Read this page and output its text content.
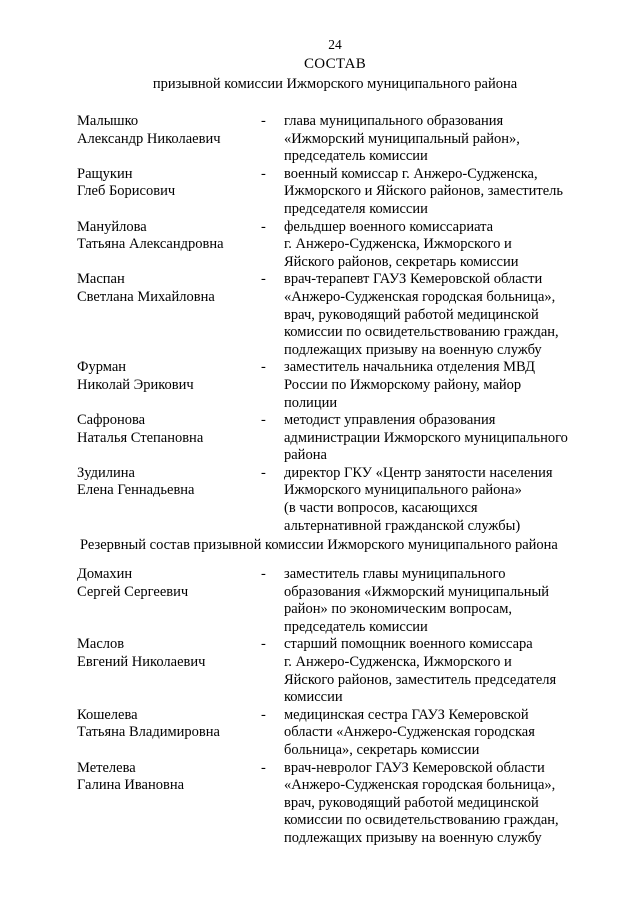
24
СОСТАВ
призывной комиссии Ижморского муниципального района
Малышко
Александр Николаевич
- глава муниципального образования
«Ижморский муниципальный район»,
председатель комиссии
Ращукин
Глеб Борисович
- военный комиссар г. Анжеро-Судженска,
Ижморского и Яйского районов, заместитель
председателя комиссии
Мануйлова
Татьяна Александровна
- фельдшер военного комиссариата
г. Анжеро-Судженска, Ижморского и
Яйского районов, секретарь комиссии
Маспан
Светлана Михайловна
- врач-терапевт ГАУЗ Кемеровской области
«Анжеро-Судженская городская больница»,
врач, руководящий работой медицинской
комиссии по освидетельствованию граждан,
подлежащих призыву на военную службу
Фурман
Николай Эрикович
- заместитель начальника отделения МВД
России по Ижморскому району, майор
полиции
Сафронова
Наталья Степановна
- методист управления образования
администрации Ижморского муниципального
района
Зудилина
Елена Геннадьевна
- директор ГКУ «Центр занятости населения
Ижморского муниципального района»
(в части вопросов, касающихся
альтернативной гражданской службы)
Резервный состав призывной комиссии Ижморского муниципального района
Домахин
Сергей Сергеевич
- заместитель главы муниципального
образования «Ижморский муниципальный
район» по экономическим вопросам,
председатель комиссии
Маслов
Евгений Николаевич
- старший помощник военного комиссара
г. Анжеро-Судженска, Ижморского и
Яйского районов, заместитель председателя
комиссии
Кошелева
Татьяна Владимировна
- медицинская сестра ГАУЗ Кемеровской
области «Анжеро-Судженская городская
больница», секретарь комиссии
Метелева
Галина Ивановна
- врач-невролог ГАУЗ Кемеровской области
«Анжеро-Судженская городская больница»,
врач, руководящий работой медицинской
комиссии по освидетельствованию граждан,
подлежащих призыву на военную службу
